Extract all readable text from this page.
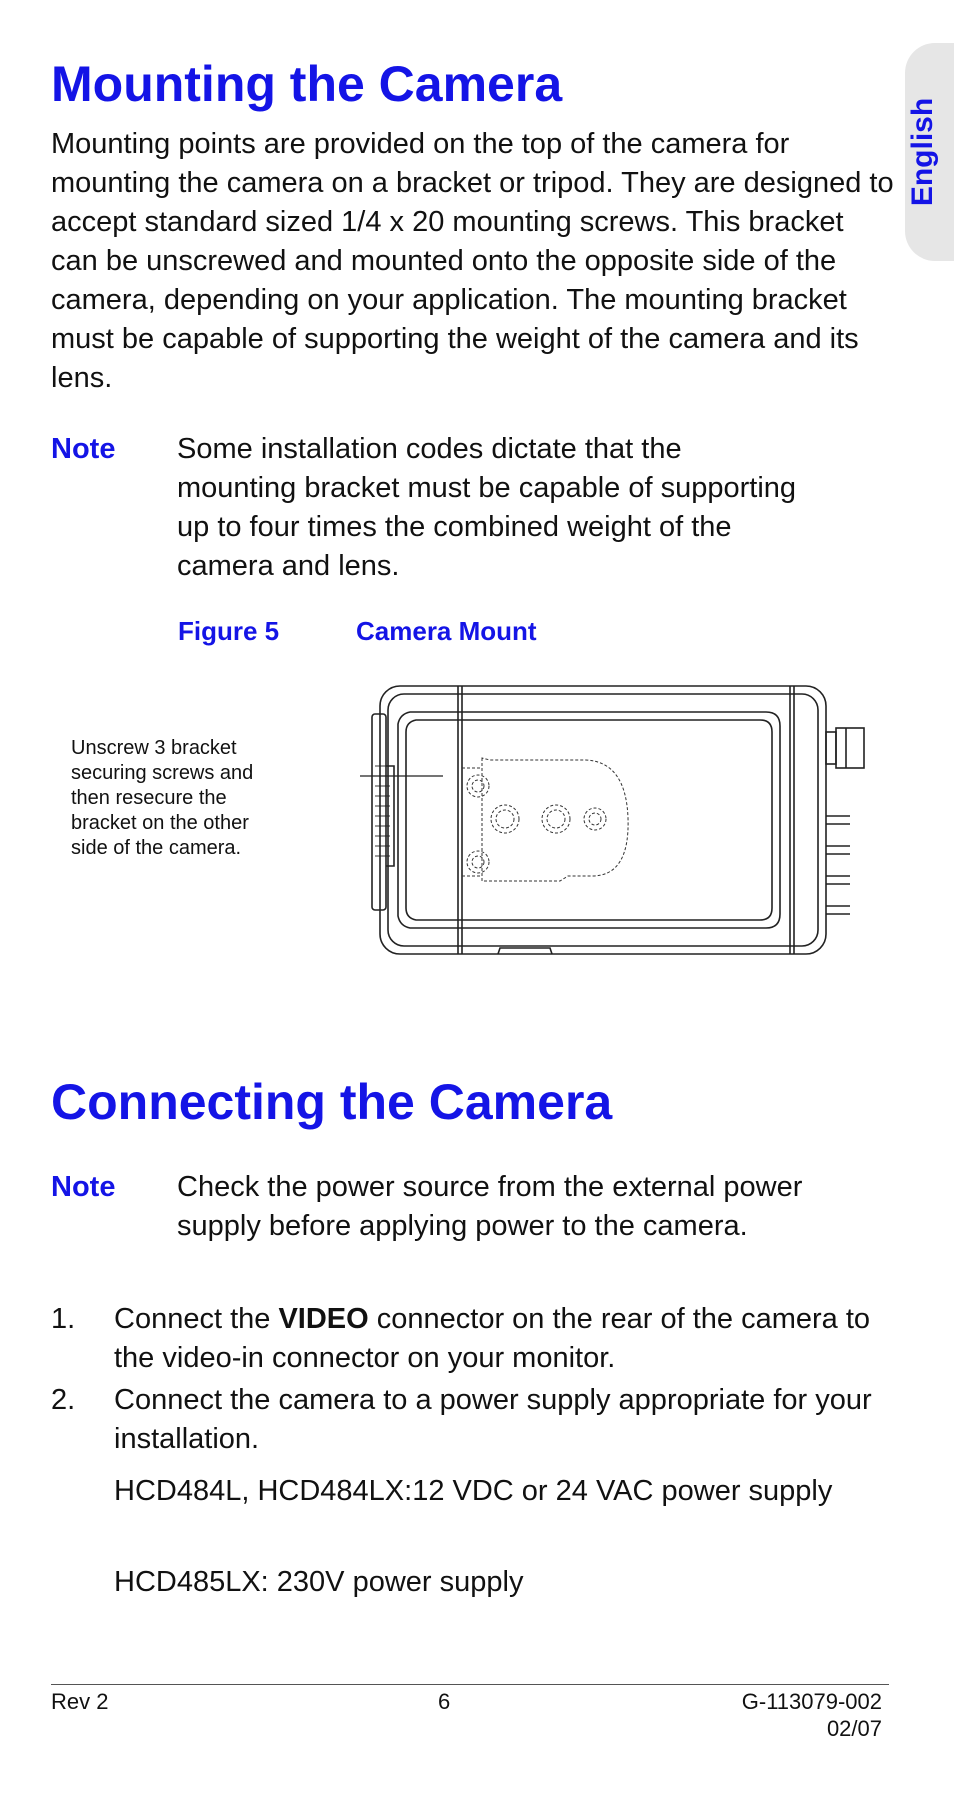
English
Mounting the Camera
Mounting points are provided on the top of the camera for mounting the camera on a bracket or tripod. They are designed to accept standard sized 1/4 x 20 mounting screws. This bracket can be unscrewed and mounted onto the opposite side of the camera, depending on your application. The mounting bracket must be capable of supporting the weight of the camera and its lens.
Note Some installation codes dictate that the mounting bracket must be capable of supporting up to four times the combined weight of the camera and lens.
Figure 5	Camera Mount
Unscrew 3 bracket securing screws and then resecure the bracket on the other side of the camera.
Connecting the Camera
Note Check the power source from the external power supply before applying power to the camera.
1. Connect the VIDEO connector on the rear of the camera to the video-in connector on your monitor.
2. Connect the camera to a power supply appropriate for your installation.
HCD484L, HCD484LX:12 VDC or 24 VAC power supply
HCD485LX: 230V power supply
Rev 2	6	G-113079-002
02/07
